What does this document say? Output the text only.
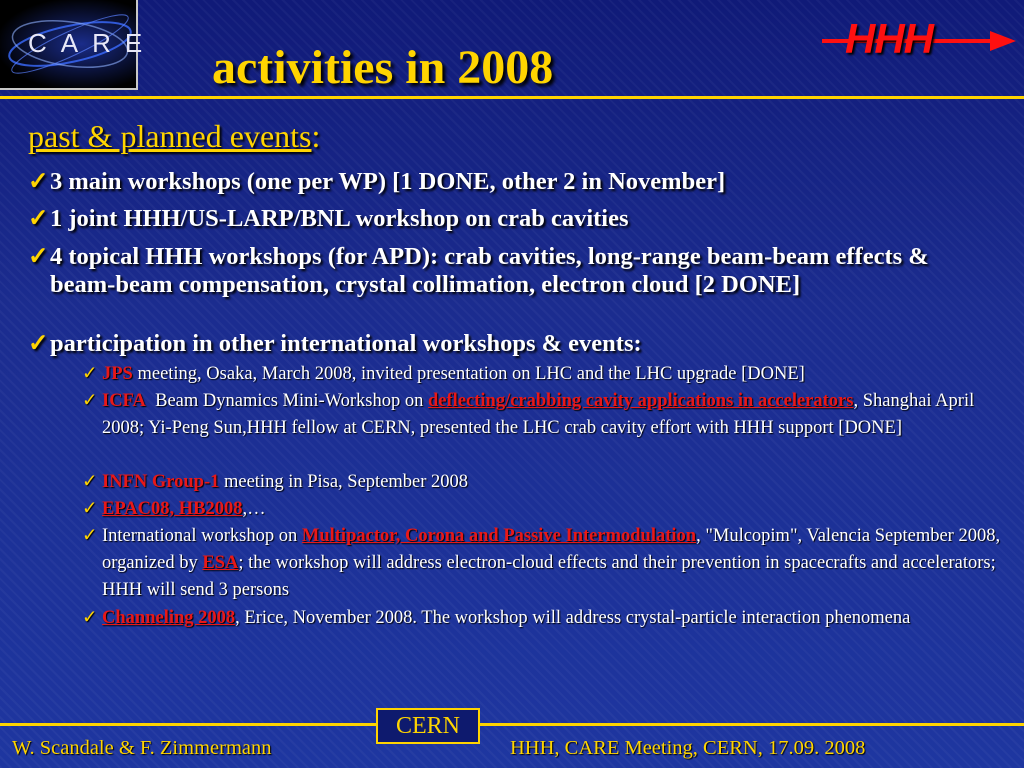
CARE activities in 2008
HHH
past & planned events:
✓ 3 main workshops (one per WP) [1 DONE, other 2 in November]
✓ 1 joint HHH/US-LARP/BNL workshop on crab cavities
✓ 4 topical HHH workshops (for APD): crab cavities, long-range beam-beam effects & beam-beam compensation, crystal collimation, electron cloud [2 DONE]
✓ participation in other international workshops & events:
✓ JPS meeting, Osaka, March 2008, invited presentation on LHC and the LHC upgrade [DONE]
✓ ICFA  Beam Dynamics Mini-Workshop on deflecting/crabbing cavity applications in accelerators, Shanghai April 2008; Yi-Peng Sun,HHH fellow at CERN, presented the LHC crab cavity effort with HHH support [DONE]
✓ INFN Group-1 meeting in Pisa, September 2008
✓ EPAC08, HB2008,…
✓ International workshop on Multipactor, Corona and Passive Intermodulation, "Mulcopim", Valencia September 2008,  organized by ESA; the workshop will address electron-cloud effects and their prevention in spacecrafts and accelerators; HHH will send 3 persons
✓ Channeling 2008, Erice, November 2008. The workshop will address crystal-particle interaction phenomena
CERN
W. Scandale & F. Zimmermann	HHH, CARE Meeting, CERN, 17.09. 2008
